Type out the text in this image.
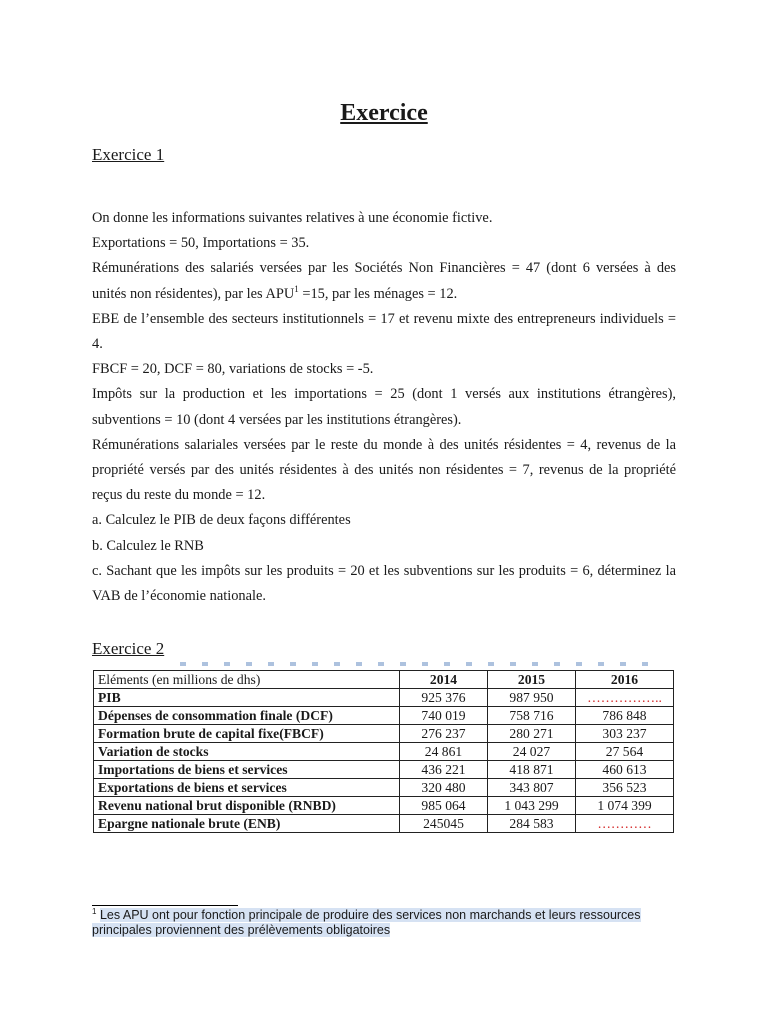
Exercice
Exercice 1

On donne les informations suivantes relatives à une économie fictive.

Exportations = 50, Importations = 35.

Rémunérations des salariés versées par les Sociétés Non Financières = 47 (dont 6 versées à des unités non résidentes), par les $APU^1 =15$, par les ménages = 12.

EBE de l’ensemble des secteurs institutionnels = 17 et revenu mixte des entrepreneurs individuels = 4.

FBCF = 20, DCF = 80, variations de stocks = -5.

Impôts sur la production et les importations = 25 (dont 1 versés aux institutions étrangères), subventions = 10 (dont 4 versées par les institutions étrangères).

Rémunérations salariales versées par le reste du monde à des unités résidentes = 4, revenus de la propriété versés par des unités résidentes à des unités non résidentes = 7, revenus de la propriété reçus du reste du monde = 12.

a. Calculez le PIB de deux façons différentes

b. Calculez le RNB

c. Sachant que les impôts sur les produits = 20 et les subventions sur les produits = 6, déterminez la VAB de l’économie nationale.

Exercice 2
Eléments (en millions de dhs)	2014	2015	2016
PIB	925 376	987 950	……………..
Dépenses de consommation finale (DCF)	740 019	758 716	786 848
Formation brute de capital fixe(FBCF)	276 237	280 271	303 237
Variation de stocks	24 861	24 027	27 564
Importations de biens et services	436 221	418 871	460 613
Exportations de biens et services	320 480	343 807	356 523
Revenu national brut disponible (RNBD)	985 064	1 043 299	1 074 399
Epargne nationale brute (ENB)	245045	284 583	…………
$^1$ Les APU ont pour fonction principale de produire des services non marchands et leurs ressources principales proviennent des prélèvements obligatoires
